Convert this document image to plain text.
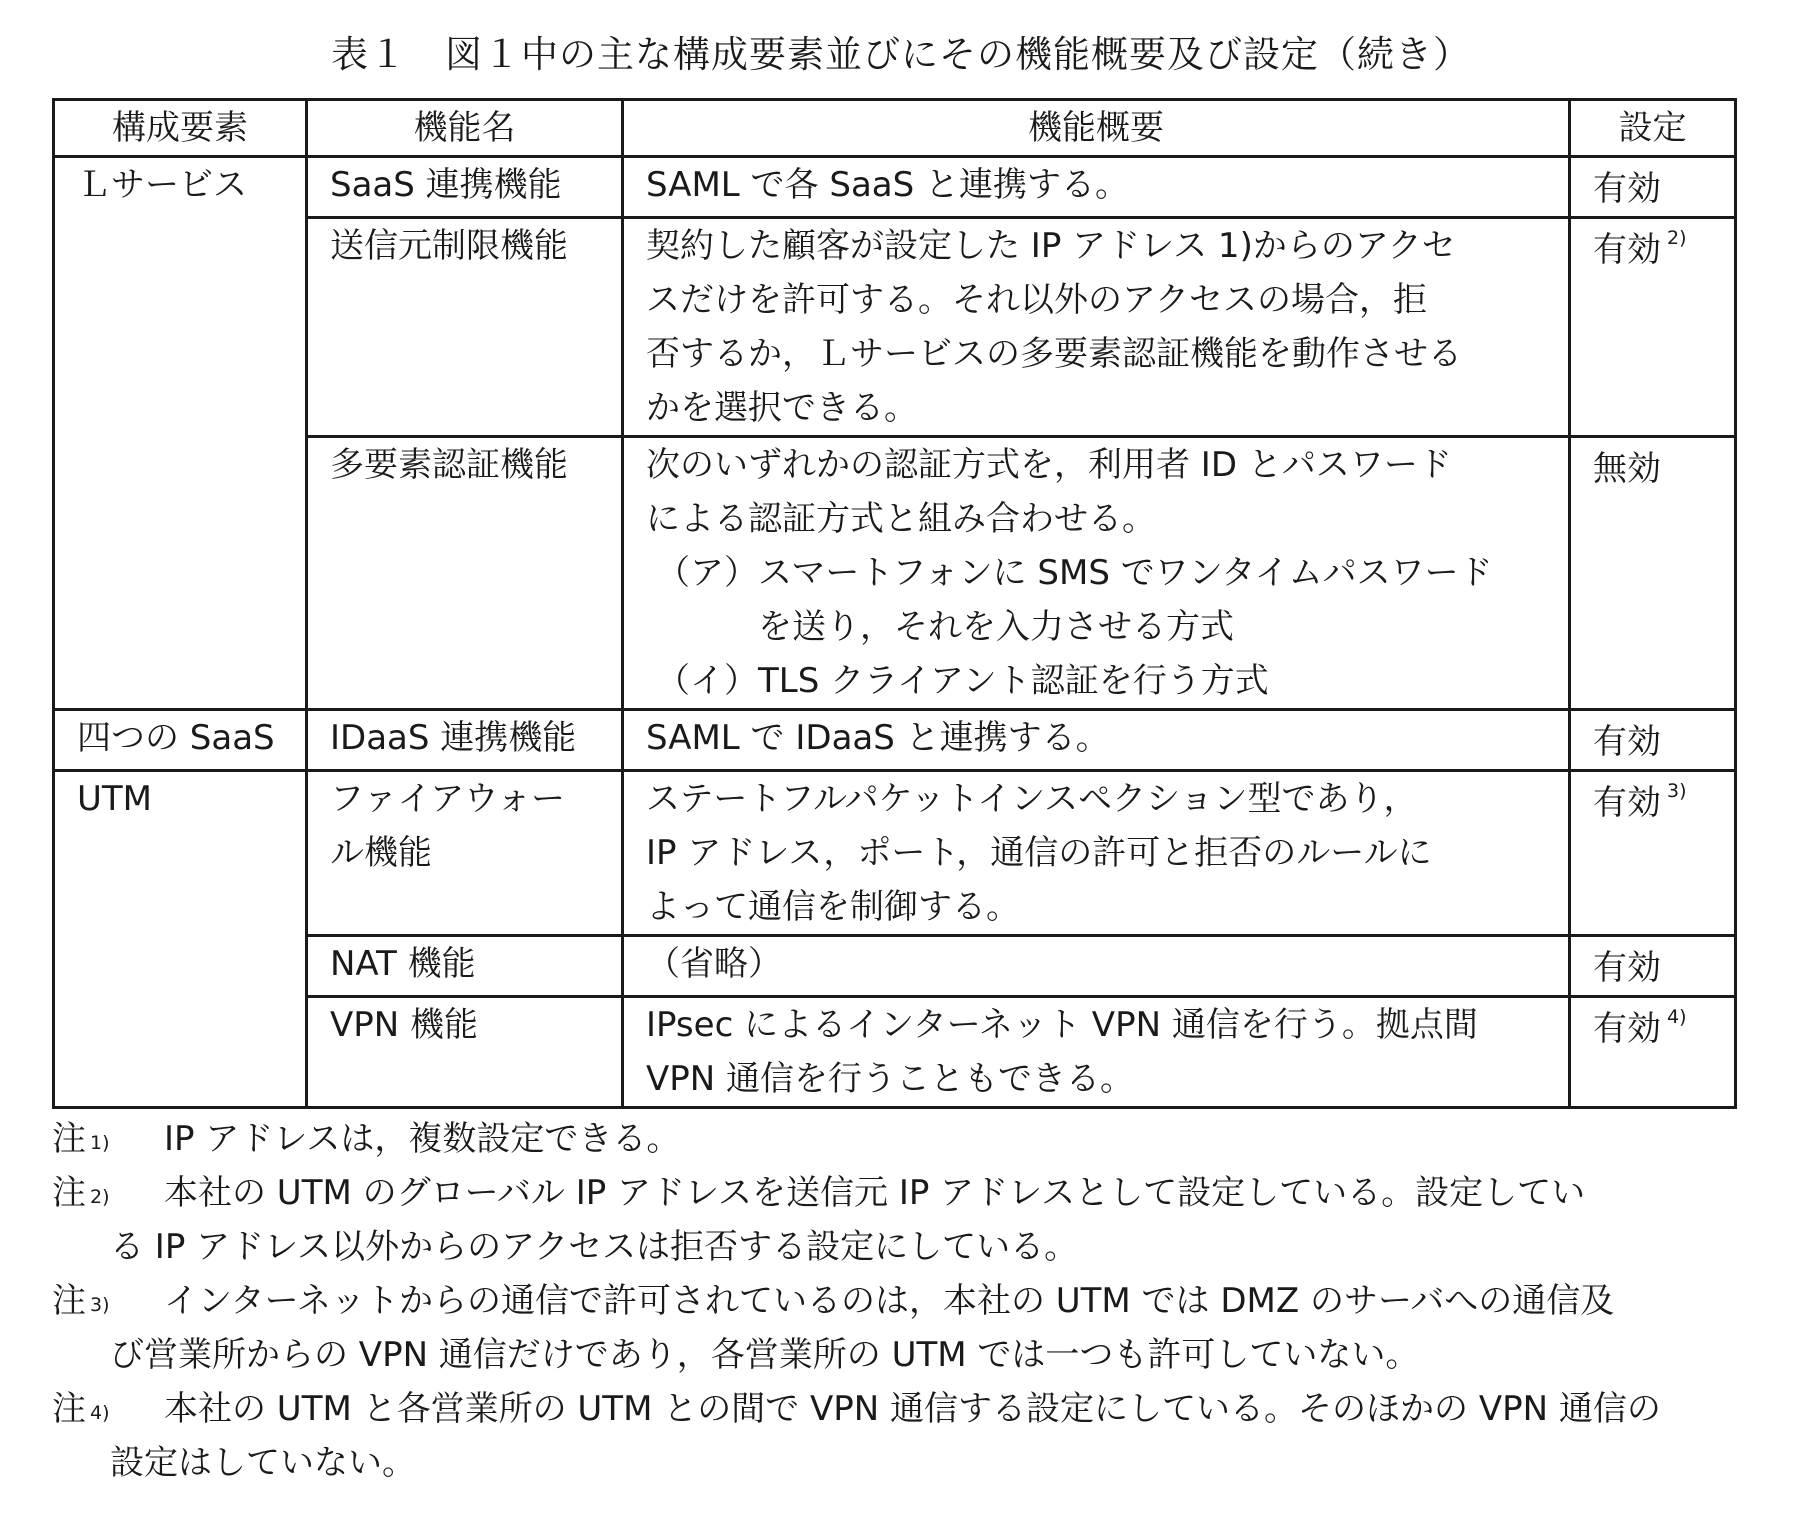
表１　図１中の主な構成要素並びにその機能概要及び設定（続き）
構成要素	機能名	機能概要	設定
Ｌサービス	SaaS 連携機能	SAML で各 SaaS と連携する。	有効

	送信元制限機能	契約した顧客が設定した IP アドレス 1)からのアクセ
スだけを許可する。それ以外のアクセスの場合，拒
否するか，Ｌサービスの多要素認証機能を動作させる
かを選択できる。	有効 $^{2)}$

	多要素認証機能	次のいずれかの認証方式を，利用者 ID とパスワード
による認証方式と組み合わせる。
（ア）スマートフォンに SMS でワンタイムパスワード
を送り，それを入力させる方式
（イ）TLS クライアント認証を行う方式	無効
四つの SaaS	IDaaS 連携機能	SAML で IDaaS と連携する。	有効
UTM	ファイアウォー
ル機能	ステートフルパケットインスペクション型であり，
IP アドレス，ポート，通信の許可と拒否のルールに
よって通信を制御する。	有効 $^{3)}$

	NAT 機能	（省略）	有効

	VPN 機能	IPsec によるインターネット VPN 通信を行う。拠点間
VPN 通信を行うこともできる。	有効 $^{4)}$
注 $^{1)}$ IP アドレスは，複数設定できる。
注 $^{2)}$ 本社の UTM のグローバル IP アドレスを送信元 IP アドレスとして設定している。設定してい
る IP アドレス以外からのアクセスは拒否する設定にしている。
注 $^{3)}$ インターネットからの通信で許可されているのは，本社の UTM では DMZ のサーバへの通信及
び営業所からの VPN 通信だけであり，各営業所の UTM では一つも許可していない。
注 $^{4)}$ 本社の UTM と各営業所の UTM との間で VPN 通信する設定にしている。そのほかの VPN 通信の
設定はしていない。
